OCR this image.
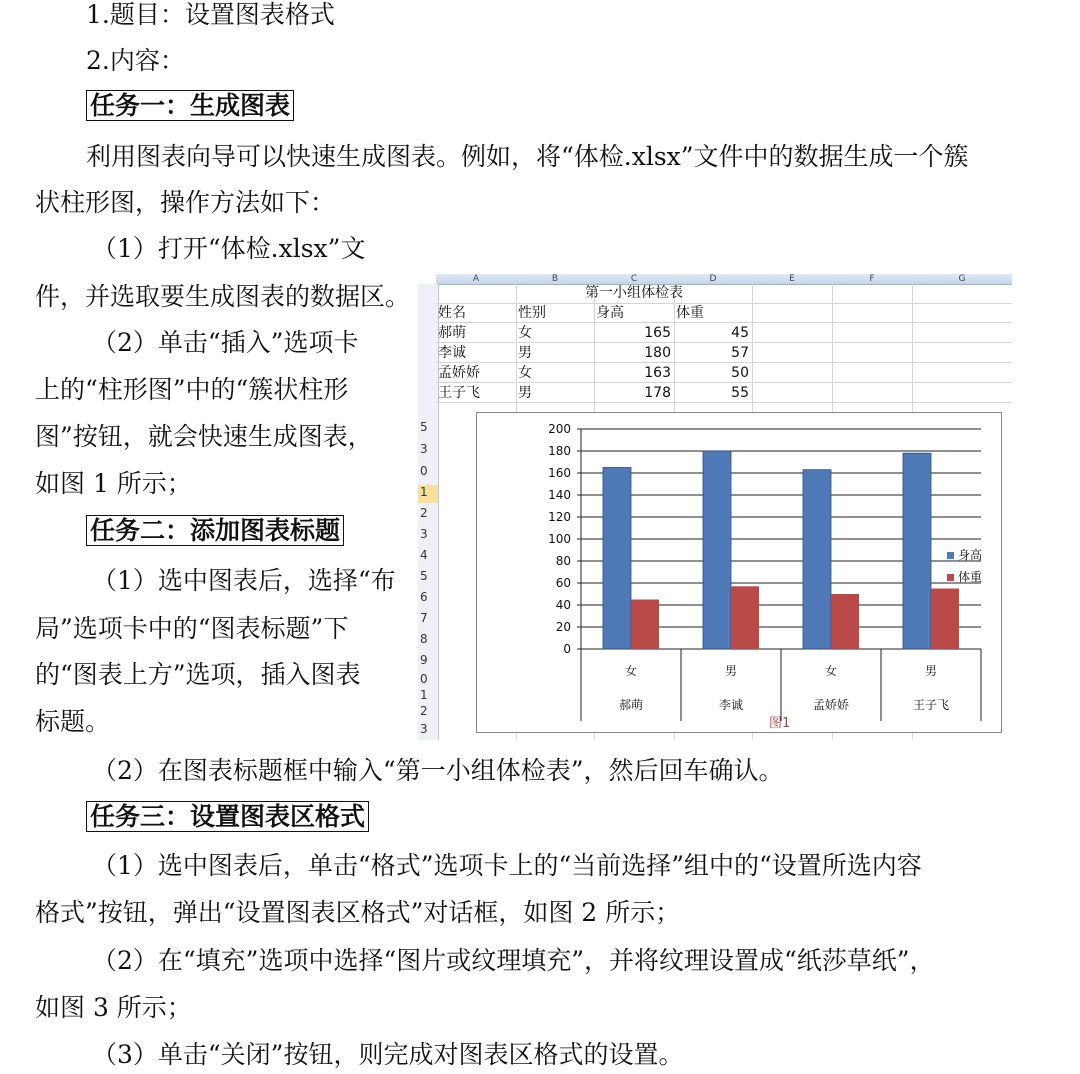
1.题目：设置图表格式
2.内容：
任务一：生成图表
利用图表向导可以快速生成图表。例如，将“体检.xlsx”文件中的数据生成一个簇
状柱形图，操作方法如下：
（1）打开“体检.xlsx”文
件，并选取要生成图表的数据区。
（2）单击“插入”选项卡
上的“柱形图”中的“簇状柱形
图”按钮，就会快速生成图表，
如图 1 所示；
任务二：添加图表标题
（1）选中图表后，选择“布
局”选项卡中的“图表标题”下
的“图表上方”选项，插入图表
标题。
（2）在图表标题框中输入“第一小组体检表”，然后回车确认。
任务三：设置图表区格式
（1）选中图表后，单击“格式”选项卡上的“当前选择”组中的“设置所选内容
格式”按钮，弹出“设置图表区格式”对话框，如图 2 所示；
（2）在“填充”选项中选择“图片或纹理填充”，并将纹理设置成“纸莎草纸”，
如图 3 所示；
（3）单击“关闭”按钮，则完成对图表区格式的设置。
A	B	C	D	E	F	G
5
3
0
1
2
3
4
5
6
7
8
9
0
1
2
3
第一小组体检表
姓名	性别	身高	体重
郝萌	女	165	45
李诚	男	180	57
孟娇娇	女	163	50
王子飞	男	178	55
0
20
40
60
80
100
120
140
160
180
200
女
郝萌
男
李诚
女
孟娇娇
男
王子飞
身高
体重
图1
